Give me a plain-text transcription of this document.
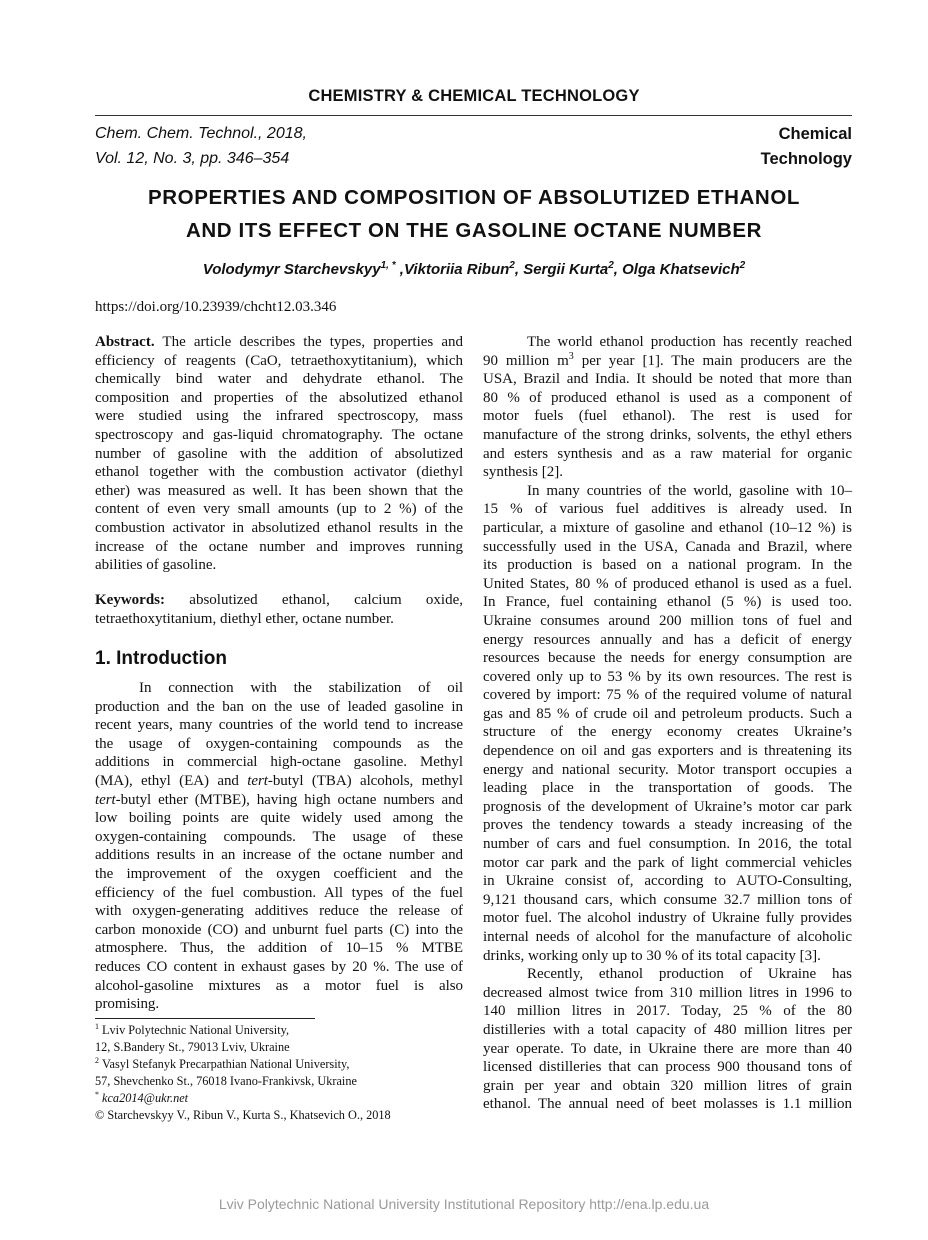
CHEMISTRY & CHEMICAL TECHNOLOGY
Chem. Chem. Technol., 2018,
Vol. 12, No. 3, pp. 346–354
Chemical
Technology
PROPERTIES AND COMPOSITION OF ABSOLUTIZED ETHANOL
AND ITS EFFECT ON THE GASOLINE OCTANE NUMBER
Volodymyr Starchevskyy$^{1, *}$ ,Viktoriia Ribun$^2$, Sergii Kurta$^2$, Olga Khatsevich$^2$
https://doi.org/10.23939/chcht12.03.346
Abstract. The article describes the types, properties and
efficiency of reagents (CaO, tetraethoxytitanium), which
chemically bind water and dehydrate ethanol. The
composition and properties of the absolutized ethanol
were studied using the infrared spectroscopy, mass
spectroscopy and gas-liquid chromatography. The octane
number of gasoline with the addition of absolutized
ethanol together with the combustion activator (diethyl
ether) was measured as well. It has been shown that the
content of even very small amounts (up to 2 %) of the
combustion activator in absolutized ethanol results in the
increase of the octane number and improves running
abilities of gasoline.
Keywords: absolutized ethanol, calcium oxide,
tetraethoxytitanium, diethyl ether, octane number.
1. Introduction
In connection with the stabilization of oil
production and the ban on the use of leaded gasoline in
recent years, many countries of the world tend to increase
the usage of oxygen-containing compounds as the
additions in commercial high-octane gasoline. Methyl
(MA), ethyl (EA) and tert-butyl (TBA) alcohols, methyl
tert-butyl ether (MTBE), having high octane numbers and
low boiling points are quite widely used among the
oxygen-containing compounds. The usage of these
additions results in an increase of the octane number and
the improvement of the oxygen coefficient and the
efficiency of the fuel combustion. All types of the fuel
with oxygen-generating additives reduce the release of
carbon monoxide (CO) and unburnt fuel parts (C) into the
atmosphere. Thus, the addition of 10–15 % MTBE
reduces CO content in exhaust gases by 20 %. The use of
alcohol-gasoline mixtures as a motor fuel is also
promising.
$^1$ Lviv Polytechnic National University,
12, S.Bandery St., 79013 Lviv, Ukraine
$^2$ Vasyl Stefanyk Precarpathian National University,
57, Shevchenko St., 76018 Ivano-Frankivsk, Ukraine
* kca2014@ukr.net
© Starchevskyy V., Ribun V., Kurta S., Khatsevich O., 2018
The world ethanol production has recently reached
90 million $m^3$ per year [1]. The main producers are the
USA, Brazil and India. It should be noted that more than
80 % of produced ethanol is used as a component of
motor fuels (fuel ethanol). The rest is used for
manufacture of the strong drinks, solvents, the ethyl ethers
and esters synthesis and as a raw material for organic
synthesis [2].
In many countries of the world, gasoline with 10–
15 % of various fuel additives is already used. In
particular, a mixture of gasoline and ethanol (10–12 %) is
successfully used in the USA, Canada and Brazil, where
its production is based on a national program. In the
United States, 80 % of produced ethanol is used as a fuel.
In France, fuel containing ethanol (5 %) is used too.
Ukraine consumes around 200 million tons of fuel and
energy resources annually and has a deficit of energy
resources because the needs for energy consumption are
covered only up to 53 % by its own resources. The rest is
covered by import: 75 % of the required volume of natural
gas and 85 % of crude oil and petroleum products. Such a
structure of the energy economy creates Ukraine’s
dependence on oil and gas exporters and is threatening its
energy and national security. Motor transport occupies a
leading place in the transportation of goods. The
prognosis of the development of Ukraine’s motor car park
proves the tendency towards a steady increasing of the
number of cars and fuel consumption. In 2016, the total
motor car park and the park of light commercial vehicles
in Ukraine consist of, according to AUTO-Consulting,
9,121 thousand cars, which consume 32.7 million tons of
motor fuel. The alcohol industry of Ukraine fully provides
internal needs of alcohol for the manufacture of alcoholic
drinks, working only up to 30 % of its total capacity [3].
Recently, ethanol production of Ukraine has
decreased almost twice from 310 million litres in 1996 to
140 million litres in 2017. Today, 25 % of the 80
distilleries with a total capacity of 480 million litres per
year operate. To date, in Ukraine there are more than 40
licensed distilleries that can process 900 thousand tons of
grain per year and obtain 320 million litres of grain
ethanol. The annual need of beet molasses is 1.1 million
Lviv Polytechnic National University Institutional Repository http://ena.lp.edu.ua
